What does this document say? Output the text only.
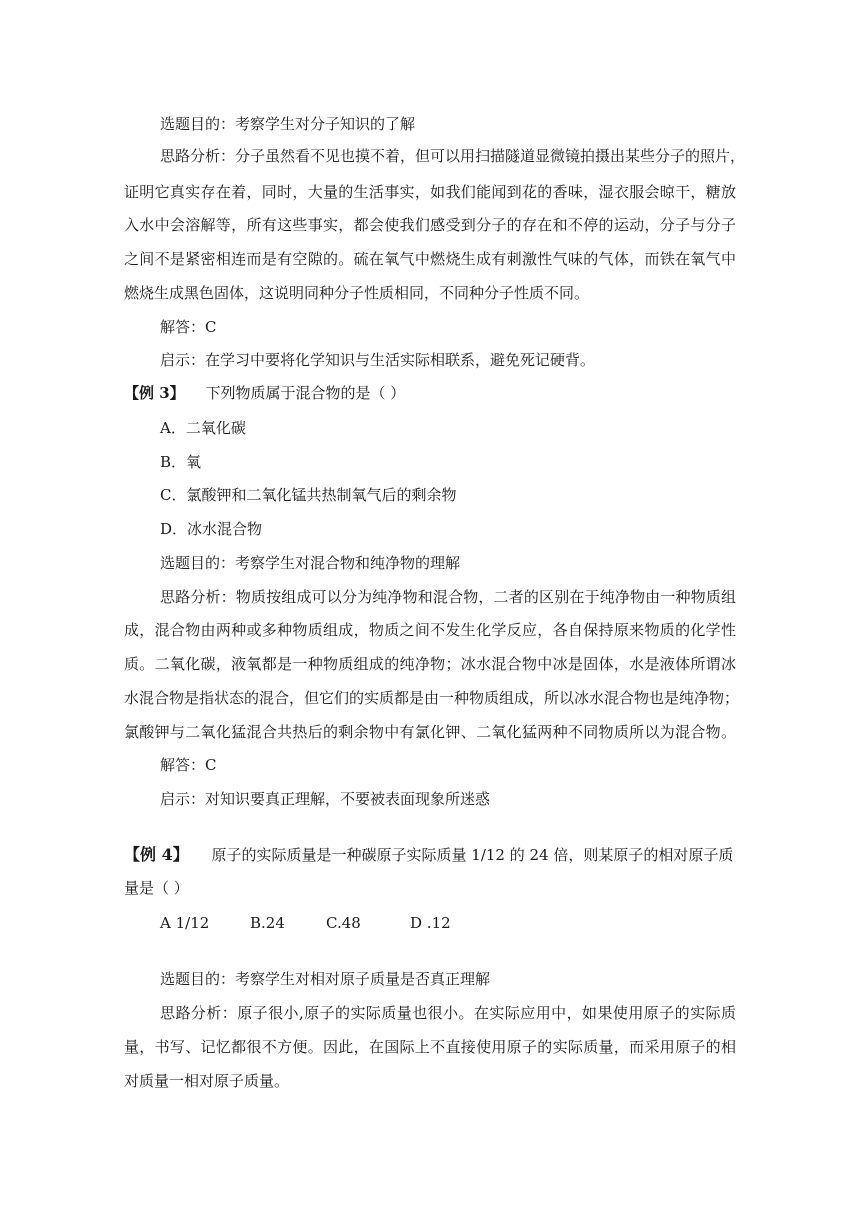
选题目的：考察学生对分子知识的了解
思路分析：分子虽然看不见也摸不着，但可以用扫描隧道显微镜拍摄出某些分子的照片，
证明它真实存在着，同时，大量的生活事实，如我们能闻到花的香味，湿衣服会晾干，糖放
入水中会溶解等，所有这些事实，都会使我们感受到分子的存在和不停的运动，分子与分子
之间不是紧密相连而是有空隙的。硫在氧气中燃烧生成有刺激性气味的气体，而铁在氧气中
燃烧生成黑色固体，这说明同种分子性质相同，不同种分子性质不同。
解答：C
启示：在学习中要将化学知识与生活实际相联系，避免死记硬背。
【例 3】 下列物质属于混合物的是（ ）
A．二氧化碳
B．氧
C．氯酸钾和二氧化锰共热制氧气后的剩余物
D．冰水混合物
选题目的：考察学生对混合物和纯净物的理解
思路分析：物质按组成可以分为纯净物和混合物，二者的区别在于纯净物由一种物质组
成，混合物由两种或多种物质组成，物质之间不发生化学反应，各自保持原来物质的化学性
质。二氧化碳，液氧都是一种物质组成的纯净物；冰水混合物中冰是固体，水是液体所谓冰
水混合物是指状态的混合，但它们的实质都是由一种物质组成，所以冰水混合物也是纯净物；
氯酸钾与二氧化猛混合共热后的剩余物中有氯化钾、二氧化猛两种不同物质所以为混合物。
解答：C
启示：对知识要真正理解，不要被表面现象所迷惑
【例 4】 原子的实际质量是一种碳原子实际质量 1/12 的 24 倍，则某原子的相对原子质
量是（ ）
A 1/12	B.24	C.48	D .12
选题目的：考察学生对相对原子质量是否真正理解
思路分析：原子很小,原子的实际质量也很小。在实际应用中，如果使用原子的实际质
量，书写、记忆都很不方便。因此，在国际上不直接使用原子的实际质量，而采用原子的相
对质量一相对原子质量。
